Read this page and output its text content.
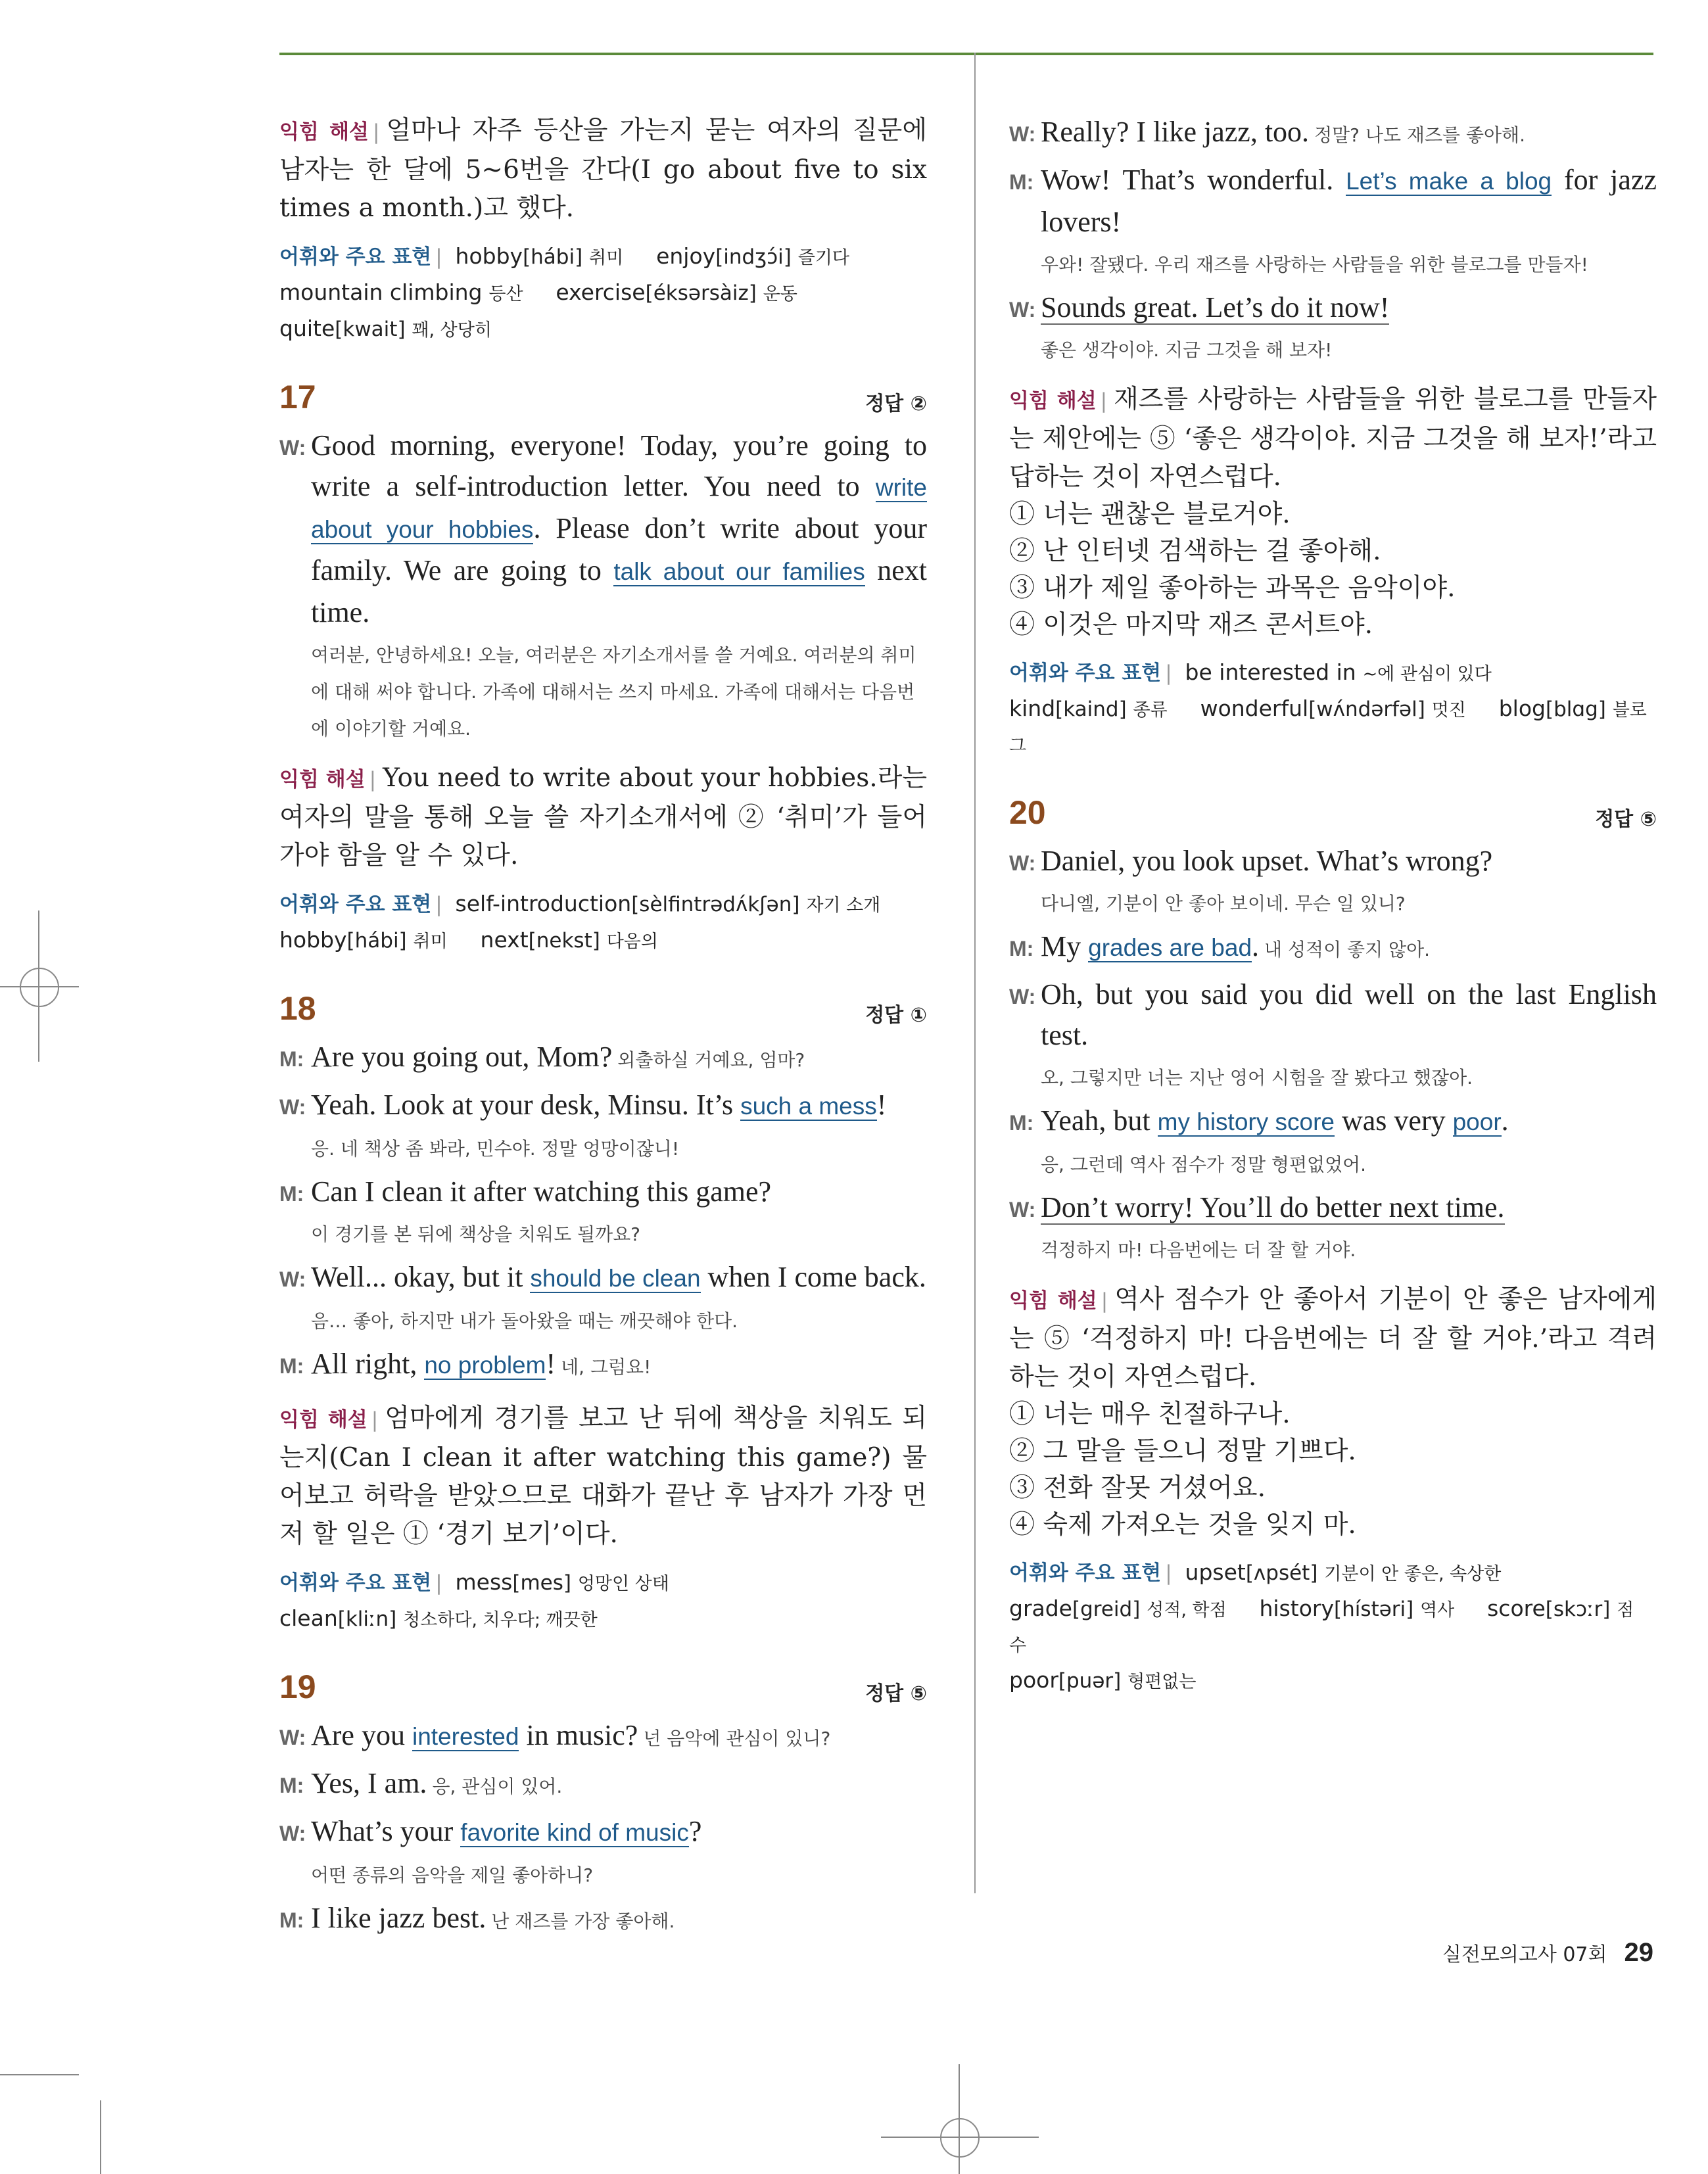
익힘 해설 | 얼마나 자주 등산을 가는지 묻는 여자의 질문에 남자는 한 달에 5~6번을 간다(I go about five to six times a month.)고 했다.
어휘와 주요 표현 | hobby[hábi] 취미 enjoy[indʒɔ́i] 즐기다
mountain climbing 등산 exercise[éksərsàiz] 운동
quite[kwait] 꽤, 상당히
17	정답 ②
W: Good morning, everyone! Today, you’re going to write a self-introduction letter. You need to write about your hobbies. Please don’t write about your family. We are going to talk about our families next time.
여러분, 안녕하세요! 오늘, 여러분은 자기소개서를 쓸 거예요. 여러분의 취미에 대해 써야 합니다. 가족에 대해서는 쓰지 마세요. 가족에 대해서는 다음번에 이야기할 거예요.
익힘 해설 | You need to write about your hobbies.라는 여자의 말을 통해 오늘 쓸 자기소개서에 ② ‘취미’가 들어가야 함을 알 수 있다.
어휘와 주요 표현 | self-introduction[sèlfintrədʌ́kʃən] 자기 소개
hobby[hábi] 취미 next[nekst] 다음의
18	정답 ①
M: Are you going out, Mom? 외출하실 거예요, 엄마?
W: Yeah. Look at your desk, Minsu. It’s such a mess!
응. 네 책상 좀 봐라, 민수야. 정말 엉망이잖니!
M: Can I clean it after watching this game?
이 경기를 본 뒤에 책상을 치워도 될까요?
W: Well... okay, but it should be clean when I come back.
음… 좋아, 하지만 내가 돌아왔을 때는 깨끗해야 한다.
M: All right, no problem! 네, 그럼요!
익힘 해설 | 엄마에게 경기를 보고 난 뒤에 책상을 치워도 되는지(Can I clean it after watching this game?) 물어보고 허락을 받았으므로 대화가 끝난 후 남자가 가장 먼저 할 일은 ① ‘경기 보기’이다.
어휘와 주요 표현 | mess[mes] 엉망인 상태
clean[kliːn] 청소하다, 치우다; 깨끗한
19	정답 ⑤
W: Are you interested in music? 넌 음악에 관심이 있니?
M: Yes, I am. 응, 관심이 있어.
W: What’s your favorite kind of music?
어떤 종류의 음악을 제일 좋아하니?
M: I like jazz best. 난 재즈를 가장 좋아해.
W: Really? I like jazz, too. 정말? 나도 재즈를 좋아해.
M: Wow! That’s wonderful. Let’s make a blog for jazz lovers!
우와! 잘됐다. 우리 재즈를 사랑하는 사람들을 위한 블로그를 만들자!
W: Sounds great. Let’s do it now!
좋은 생각이야. 지금 그것을 해 보자!
익힘 해설 | 재즈를 사랑하는 사람들을 위한 블로그를 만들자는 제안에는 ⑤ ‘좋은 생각이야. 지금 그것을 해 보자!’라고 답하는 것이 자연스럽다.
① 너는 괜찮은 블로거야.
② 난 인터넷 검색하는 걸 좋아해.
③ 내가 제일 좋아하는 과목은 음악이야.
④ 이것은 마지막 재즈 콘서트야.
어휘와 주요 표현 | be interested in ~에 관심이 있다
kind[kaind] 종류 wonderful[wʌ́ndərfəl] 멋진 blog[blɑg] 블로그
20	정답 ⑤
W: Daniel, you look upset. What’s wrong?
다니엘, 기분이 안 좋아 보이네. 무슨 일 있니?
M: My grades are bad. 내 성적이 좋지 않아.
W: Oh, but you said you did well on the last English test.
오, 그렇지만 너는 지난 영어 시험을 잘 봤다고 했잖아.
M: Yeah, but my history score was very poor.
응, 그런데 역사 점수가 정말 형편없었어.
W: Don’t worry! You’ll do better next time.
걱정하지 마! 다음번에는 더 잘 할 거야.
익힘 해설 | 역사 점수가 안 좋아서 기분이 안 좋은 남자에게는 ⑤ ‘걱정하지 마! 다음번에는 더 잘 할 거야.’라고 격려하는 것이 자연스럽다.
① 너는 매우 친절하구나.
② 그 말을 들으니 정말 기쁘다.
③ 전화 잘못 거셨어요.
④ 숙제 가져오는 것을 잊지 마.
어휘와 주요 표현 | upset[ʌpsét] 기분이 안 좋은, 속상한
grade[greid] 성적, 학점 history[hístəri] 역사 score[skɔːr] 점수
poor[puər] 형편없는
실전모의고사 07회 29
